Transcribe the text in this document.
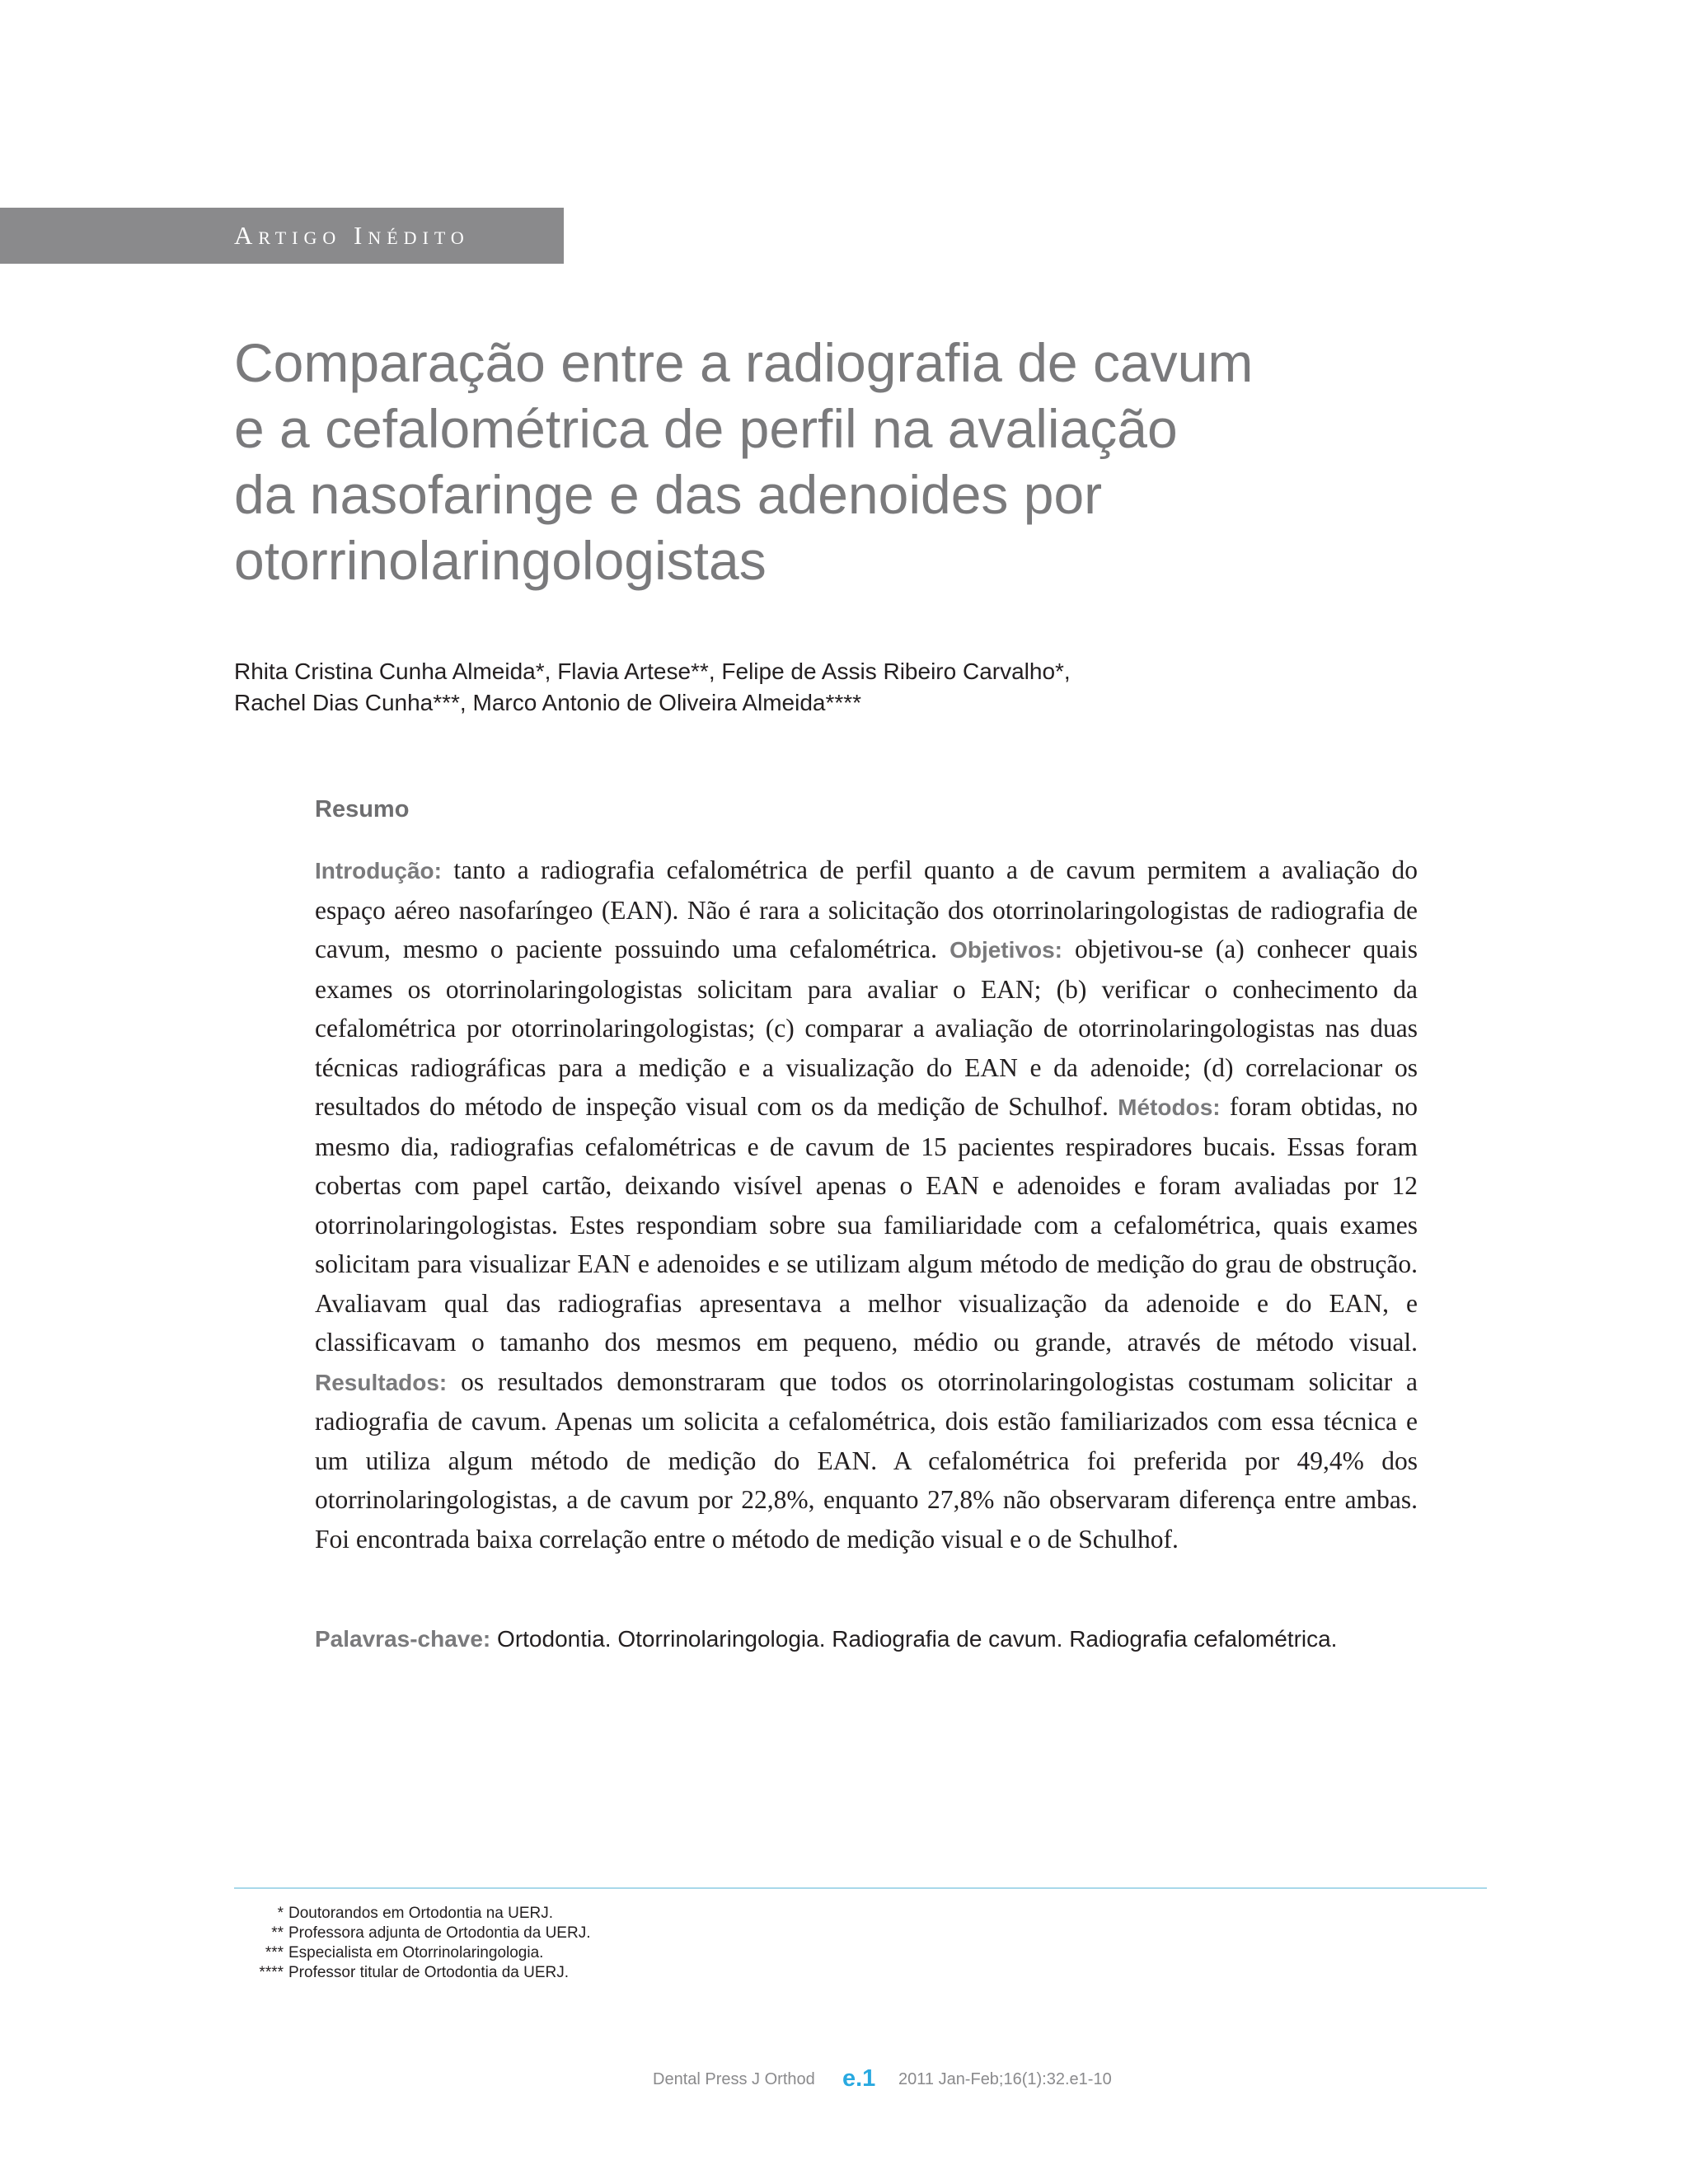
Artigo Inédito
Comparação entre a radiografia de cavum
e a cefalométrica de perfil na avaliação
da nasofaringe e das adenoides por
otorrinolaringologistas
Rhita Cristina Cunha Almeida*, Flavia Artese**, Felipe de Assis Ribeiro Carvalho*,
Rachel Dias Cunha***, Marco Antonio de Oliveira Almeida****
Resumo

Introdução: tanto a radiografia cefalométrica de perfil quanto a de cavum permitem a avaliação do espaço aéreo nasofaríngeo (EAN). Não é rara a solicitação dos otorrinolaringologistas de radiografia de cavum, mesmo o paciente possuindo uma cefalométrica. Objetivos: objetivou-se (a) conhecer quais exames os otorrinolaringologistas solicitam para avaliar o EAN; (b) verificar o conhecimento da cefalométrica por otorrinolaringologistas; (c) comparar a avaliação de otorrinolaringologistas nas duas técnicas radiográficas para a medição e a visualização do EAN e da adenoide; (d) correlacionar os resultados do método de inspeção visual com os da medição de Schulhof. Métodos: foram obtidas, no mesmo dia, radiografias cefalométricas e de cavum de 15 pacientes respiradores bucais. Essas foram cobertas com papel cartão, deixando visível apenas o EAN e adenoides e foram avaliadas por 12 otorrinolaringologistas. Estes respondiam sobre sua familiaridade com a cefalométrica, quais exames solicitam para visualizar EAN e adenoides e se utilizam algum método de medição do grau de obstrução. Avaliavam qual das radiografias apresentava a melhor visualização da adenoide e do EAN, e classificavam o tamanho dos mesmos em pequeno, médio ou grande, através de método visual. Resultados: os resultados demonstraram que todos os otorrinolaringologistas costumam solicitar a radiografia de cavum. Apenas um solicita a cefalométrica, dois estão familiarizados com essa técnica e um utiliza algum método de medição do EAN. A cefalométrica foi preferida por 49,4% dos otorrinolaringologistas, a de cavum por 22,8%, enquanto 27,8% não observaram diferença entre ambas. Foi encontrada baixa correlação entre o método de medição visual e o de Schulhof.

Palavras-chave: Ortodontia. Otorrinolaringologia. Radiografia de cavum. Radiografia cefalométrica.
* Doutorandos em Ortodontia na UERJ.
** Professora adjunta de Ortodontia da UERJ.
*** Especialista em Otorrinolaringologia.
**** Professor titular de Ortodontia da UERJ.
Dental Press J Orthod e.1 2011 Jan-Feb;16(1):32.e1-10
